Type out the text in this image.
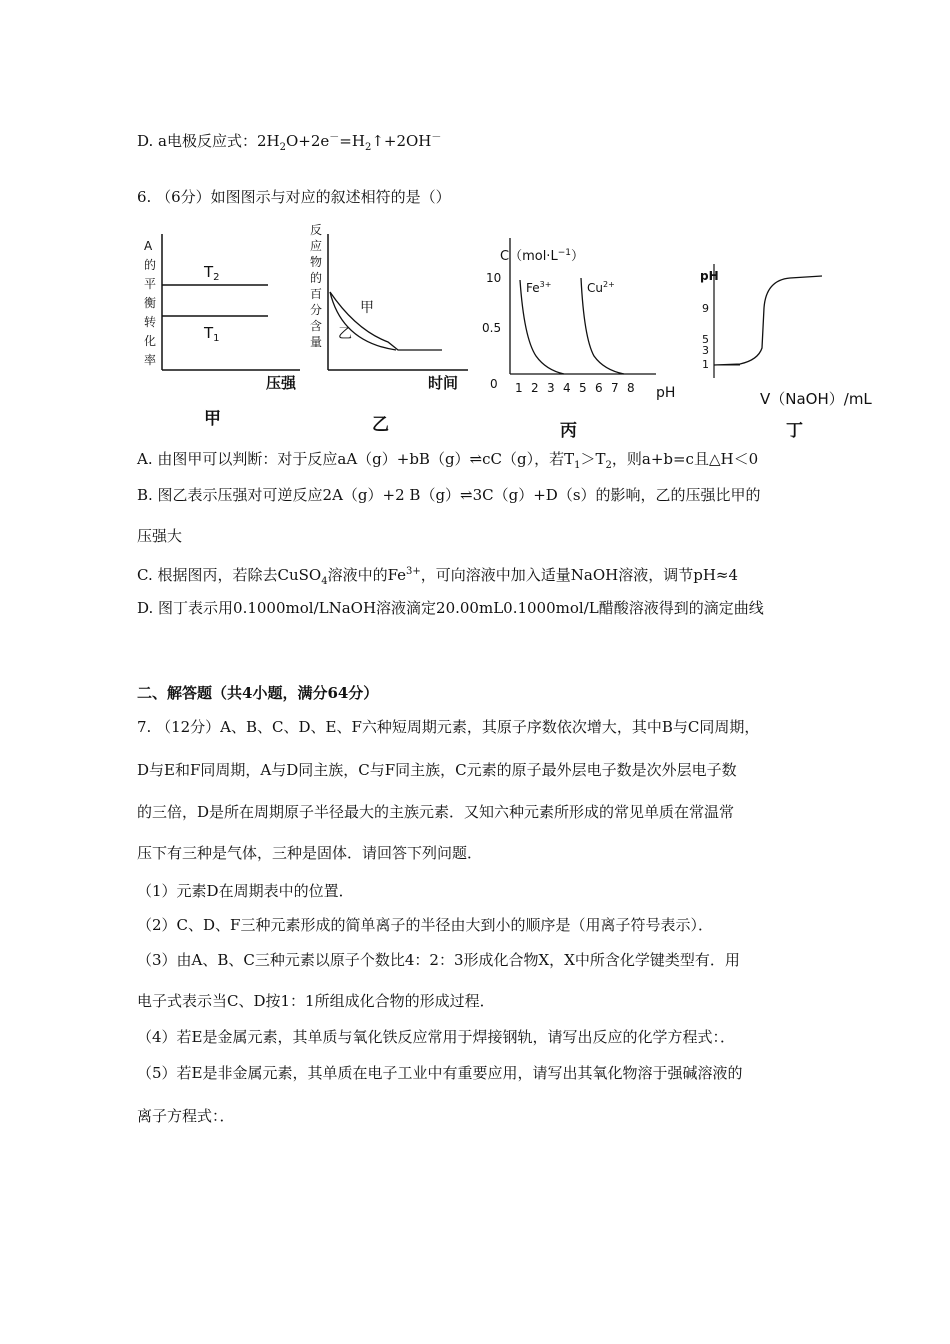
D. a电极反应式：$2H_2O+2e^-=H_2↑+2OH^-$
6. （6分）如图图示与对应的叙述相符的是（）
A
的
平
衡
转
化
率
$T_2$
$T_1$
压强
甲
反
应
物
的
百
分
含
量
甲
乙
时间
乙
$C(mol\cdot L^{-1})$
10
0.5
0
$Fe^{3+}$	$Cu^{2+}$
1 2 3 4 5 6 7 8 pH
丙
pH
9
5
3
1
V（NaOH）/mL
丁
A. 由图甲可以判断：对于反应aA（g）+bB（g）⇌cC（g），若$T_1>T_2$，则a+b=c且△H＜0
B. 图乙表示压强对可逆反应2A（g）+2 B（g）⇌3C（g）+D（s）的影响，乙的压强比甲的
压强大
C. 根据图丙，若除去CuSO$_4$溶液中的$Fe^{3+}$，可向溶液中加入适量NaOH溶液，调节pH≈4
D. 图丁表示用0.1000mol/LNaOH溶液滴定20.00mL0.1000mol/L醋酸溶液得到的滴定曲线
二、解答题（共4小题，满分64分）
7. （12分）A、B、C、D、E、F六种短周期元素，其原子序数依次增大，其中B与C同周期，
D与E和F同周期，A与D同主族，C与F同主族，C元素的原子最外层电子数是次外层电子数
的三倍，D是所在周期原子半径最大的主族元素．又知六种元素所形成的常见单质在常温常
压下有三种是气体，三种是固体．请回答下列问题．
（1）元素D在周期表中的位置．
（2）C、D、F三种元素形成的简单离子的半径由大到小的顺序是（用离子符号表示）．
（3）由A、B、C三种元素以原子个数比4：2：3形成化合物X，X中所含化学键类型有．用
电子式表示当C、D按1：1所组成化合物的形成过程．
（4）若E是金属元素，其单质与氧化铁反应常用于焊接钢轨，请写出反应的化学方程式：．
（5）若E是非金属元素，其单质在电子工业中有重要应用，请写出其氧化物溶于强碱溶液的
离子方程式：．
